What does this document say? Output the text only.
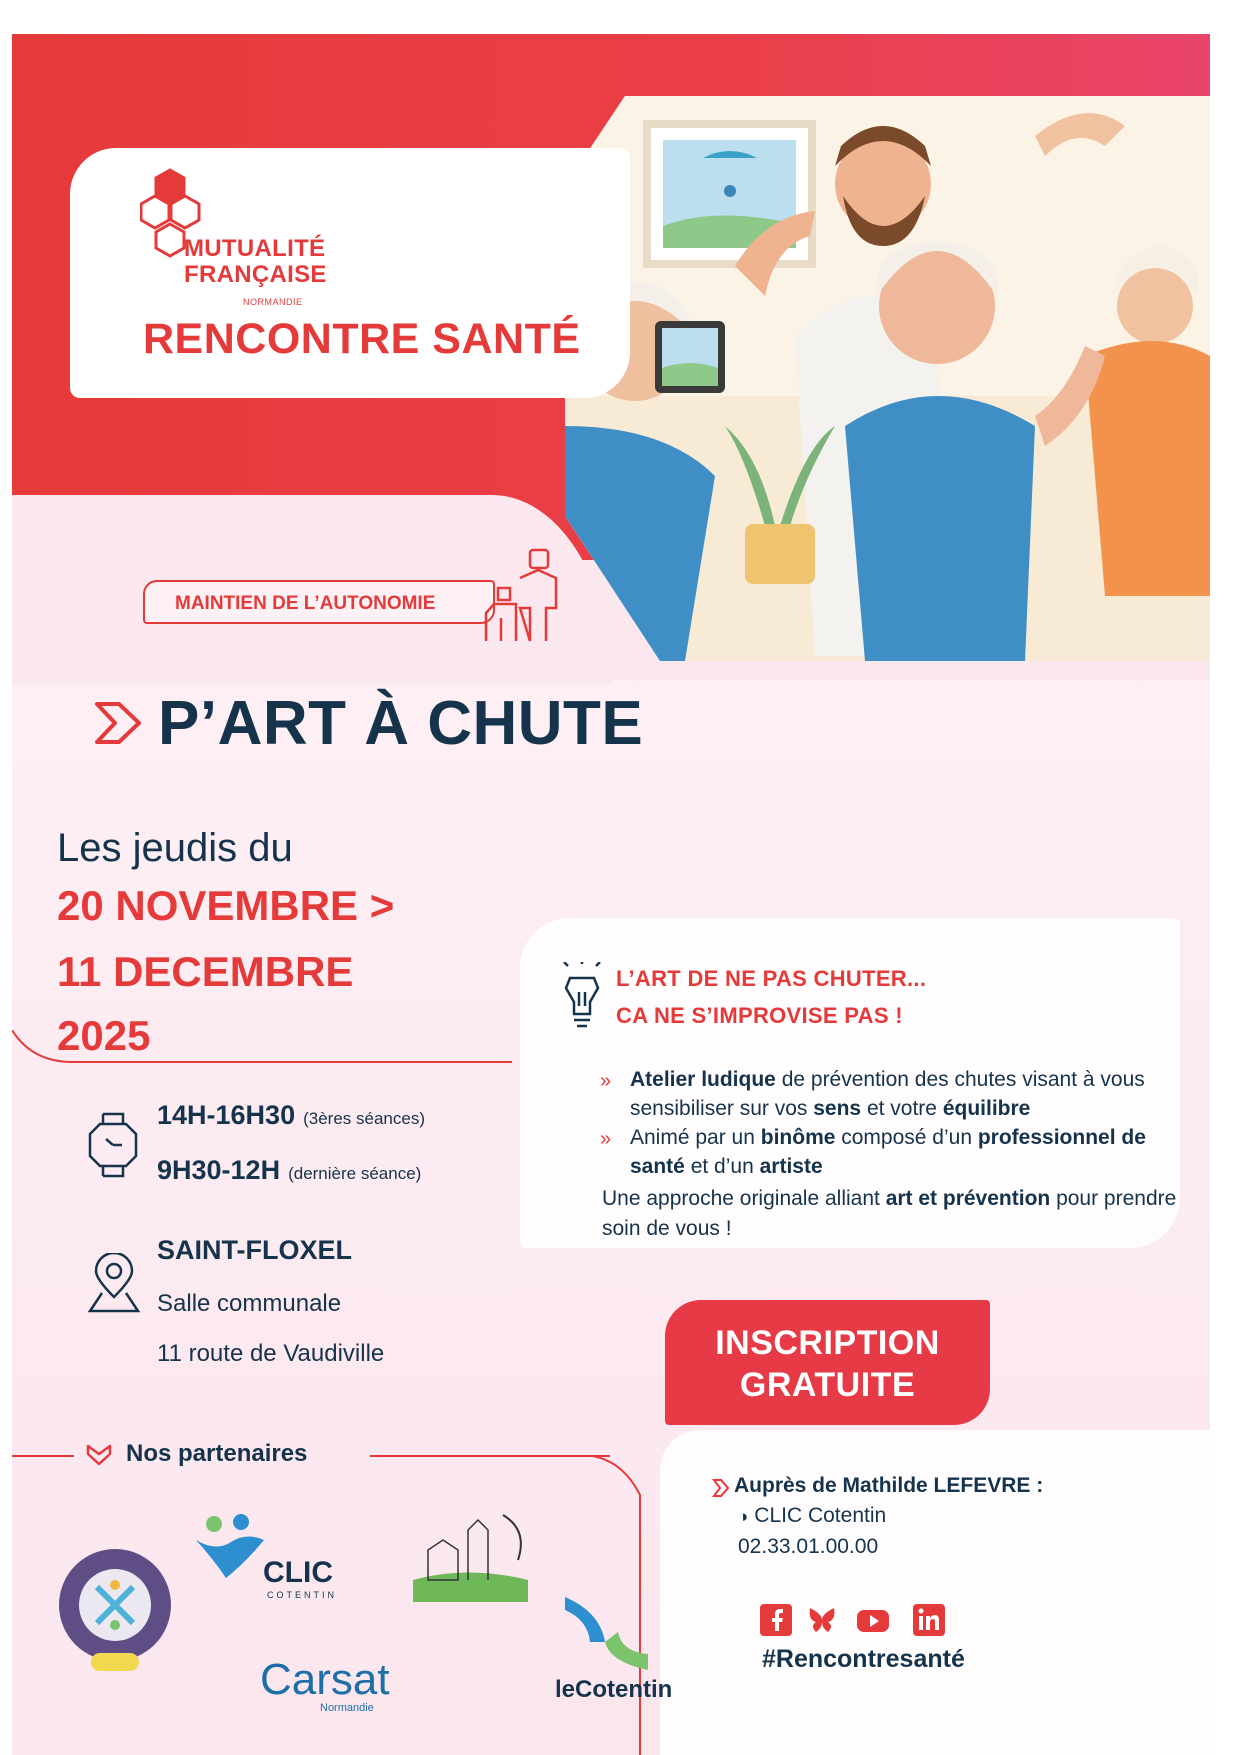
MUTUALITÉ
FRANÇAISE
NORMANDIE
RENCONTRE SANTÉ
MAINTIEN DE L’AUTONOMIE
P’ART À CHUTE
Les jeudis du
20 NOVEMBRE >
11 DECEMBRE
2025
14H-16H30 (3ères séances)
9H30-12H (dernière séance)
SAINT-FLOXEL
Salle communale
11 route de Vaudiville
L’ART DE NE PAS CHUTER...
CA NE S’IMPROVISE PAS !
» Atelier ludique de prévention des chutes visant à vous sensibiliser sur vos sens et votre équilibre
» Animé par un binôme composé d’un professionnel de santé et d’un artiste
Une approche originale alliant art et prévention pour prendre soin de vous !
INSCRIPTION
GRATUITE
Auprès de Mathilde LEFEVRE :
◑ CLIC Cotentin
02.33.01.00.00
#Rencontresanté
Nos partenaires
CLIC
COTENTIN
Carsat
Normandie
leCotentin
